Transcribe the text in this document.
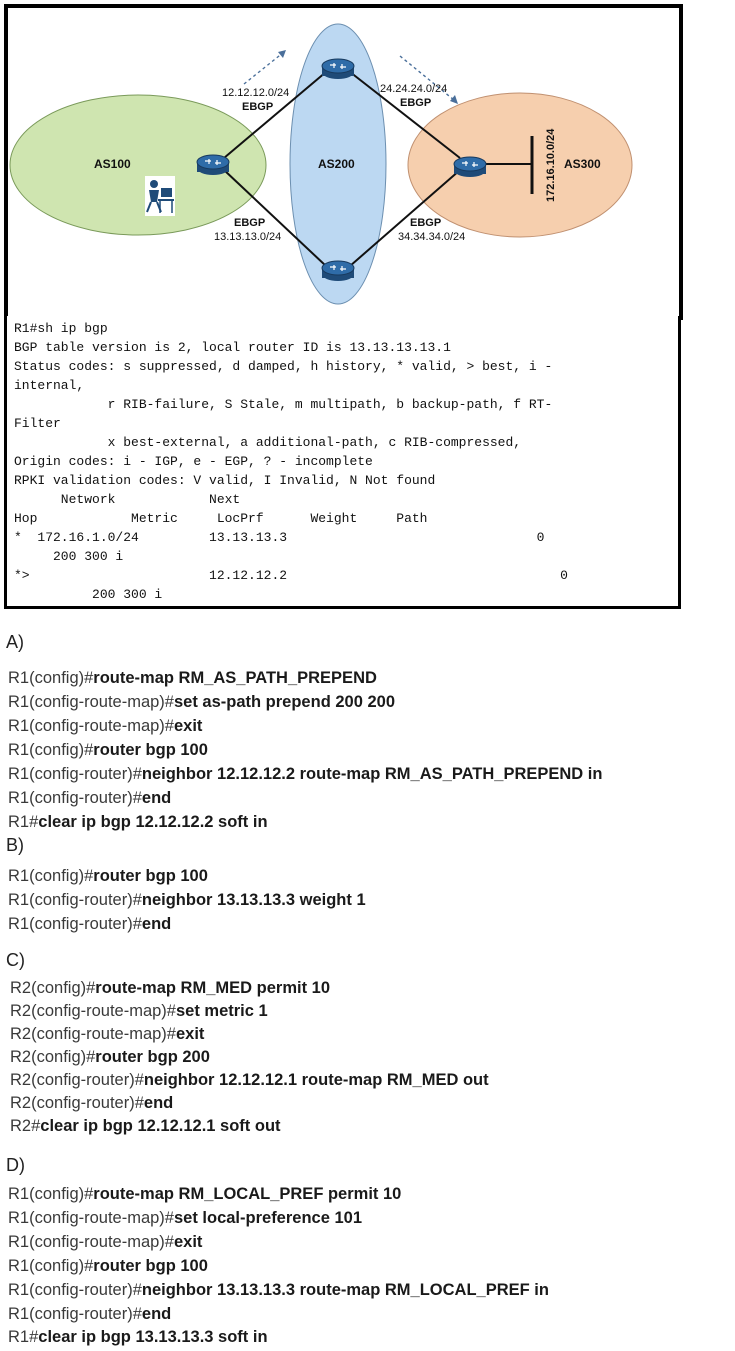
AS100	AS200	AS300
12.12.12.0/24
EBGP
24.24.24.0/24
EBGP
EBGP
13.13.13.0/24
EBGP
34.34.34.0/24
172.16.10.0/24
R1#sh ip bgp
BGP table version is 2, local router ID is 13.13.13.13.1
Status codes: s suppressed, d damped, h history, * valid, > best, i -
internal,
r RIB-failure, S Stale, m multipath, b backup-path, f RT-
Filter
x best-external, a additional-path, c RIB-compressed,
Origin codes: i - IGP, e - EGP, ? - incomplete
RPKI validation codes: V valid, I Invalid, N Not found
Network            Next
Hop            Metric     LocPrf      Weight     Path
*  172.16.1.0/24         13.13.13.3                                0
200 300 i
*>                       12.12.12.2                                   0
200 300 i
A)
R1(config)#route-map RM_AS_PATH_PREPEND
R1(config-route-map)#set as-path prepend 200 200
R1(config-route-map)#exit
R1(config)#router bgp 100
R1(config-router)#neighbor 12.12.12.2 route-map RM_AS_PATH_PREPEND in
R1(config-router)#end
R1#clear ip bgp 12.12.12.2 soft in
B)
R1(config)#router bgp 100
R1(config-router)#neighbor 13.13.13.3 weight 1
R1(config-router)#end
C)
R2(config)#route-map RM_MED permit 10
R2(config-route-map)#set metric 1
R2(config-route-map)#exit
R2(config)#router bgp 200
R2(config-router)#neighbor 12.12.12.1 route-map RM_MED out
R2(config-router)#end
R2#clear ip bgp 12.12.12.1 soft out
D)
R1(config)#route-map RM_LOCAL_PREF permit 10
R1(config-route-map)#set local-preference 101
R1(config-route-map)#exit
R1(config)#router bgp 100
R1(config-router)#neighbor 13.13.13.3 route-map RM_LOCAL_PREF in
R1(config-router)#end
R1#clear ip bgp 13.13.13.3 soft in
